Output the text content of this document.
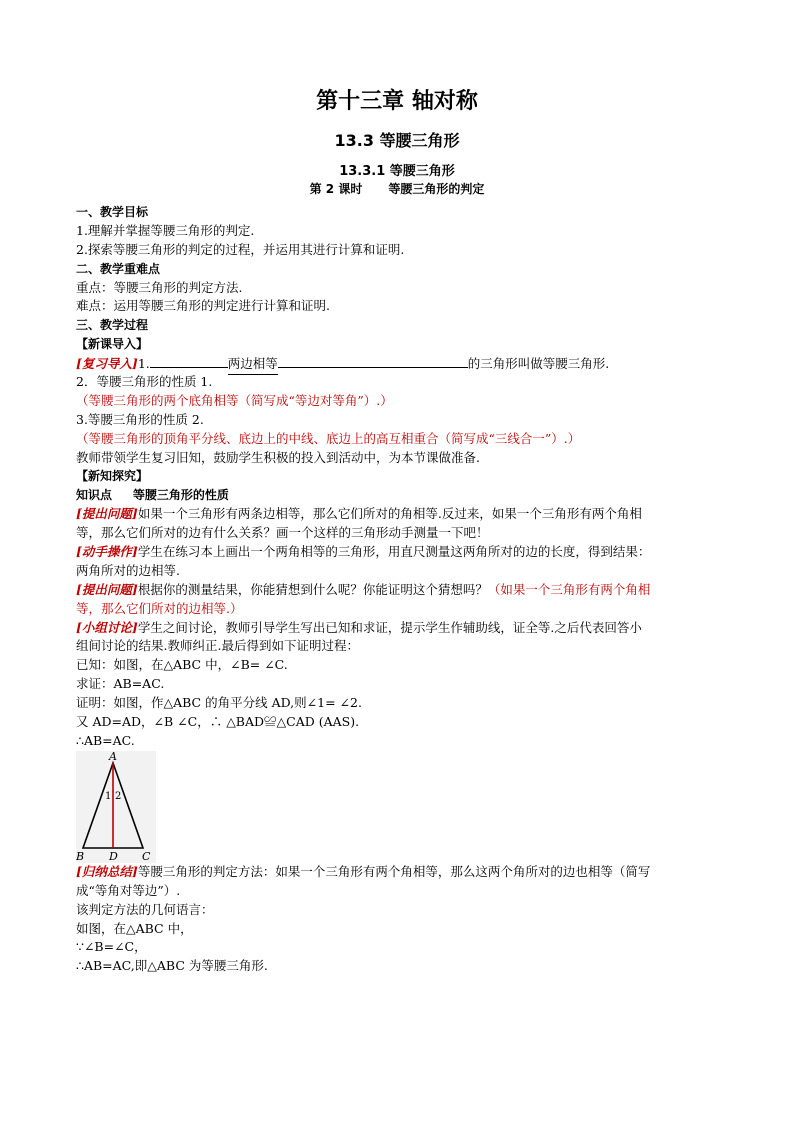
第十三章 轴对称
13.3 等腰三角形
13.3.1 等腰三角形
第 2 课时 等腰三角形的判定
一、教学目标
1.理解并掌握等腰三角形的判定.
2.探索等腰三角形的判定的过程，并运用其进行计算和证明.
二、教学重难点
重点：等腰三角形的判定方法.
难点：运用等腰三角形的判定进行计算和证明.
三、教学过程
【新课导入】
[复习导入]1.	两边相等	的三角形叫做等腰三角形.
2．等腰三角形的性质 1.
（等腰三角形的两个底角相等（简写成“等边对等角”）.）
3.等腰三角形的性质 2.
（等腰三角形的顶角平分线、底边上的中线、底边上的高互相重合（简写成“三线合一”）.）
教师带领学生复习旧知，鼓励学生积极的投入到活动中，为本节课做准备.
【新知探究】
知识点 等腰三角形的性质
[提出问题]如果一个三角形有两条边相等，那么它们所对的角相等.反过来，如果一个三角形有两个角相
等，那么它们所对的边有什么关系？画一个这样的三角形动手测量一下吧！
[动手操作]学生在练习本上画出一个两角相等的三角形，用直尺测量这两角所对的边的长度，得到结果：
两角所对的边相等.
[提出问题]根据你的测量结果，你能猜想到什么呢？你能证明这个猜想吗？（如果一个三角形有两个角相
等，那么它们所对的边相等.）
[小组讨论]学生之间讨论，教师引导学生写出已知和求证，提示学生作辅助线，证全等.之后代表回答小
组间讨论的结果.教师纠正.最后得到如下证明过程：
已知：如图，在△ABC 中，∠B= ∠C.
求证：AB=AC.
证明：如图，作△ABC 的角平分线 AD,则∠1= ∠2.
又 AD=AD，∠B ∠C，∴ △BAD≌△CAD (AAS).
∴AB=AC.
A
B	C
D
1 2
[归纳总结]等腰三角形的判定方法：如果一个三角形有两个角相等，那么这两个角所对的边也相等（简写
成“等角对等边”）.
该判定方法的几何语言：
如图，在△ABC 中，
∵∠B=∠C，
∴AB=AC,即△ABC 为等腰三角形.
